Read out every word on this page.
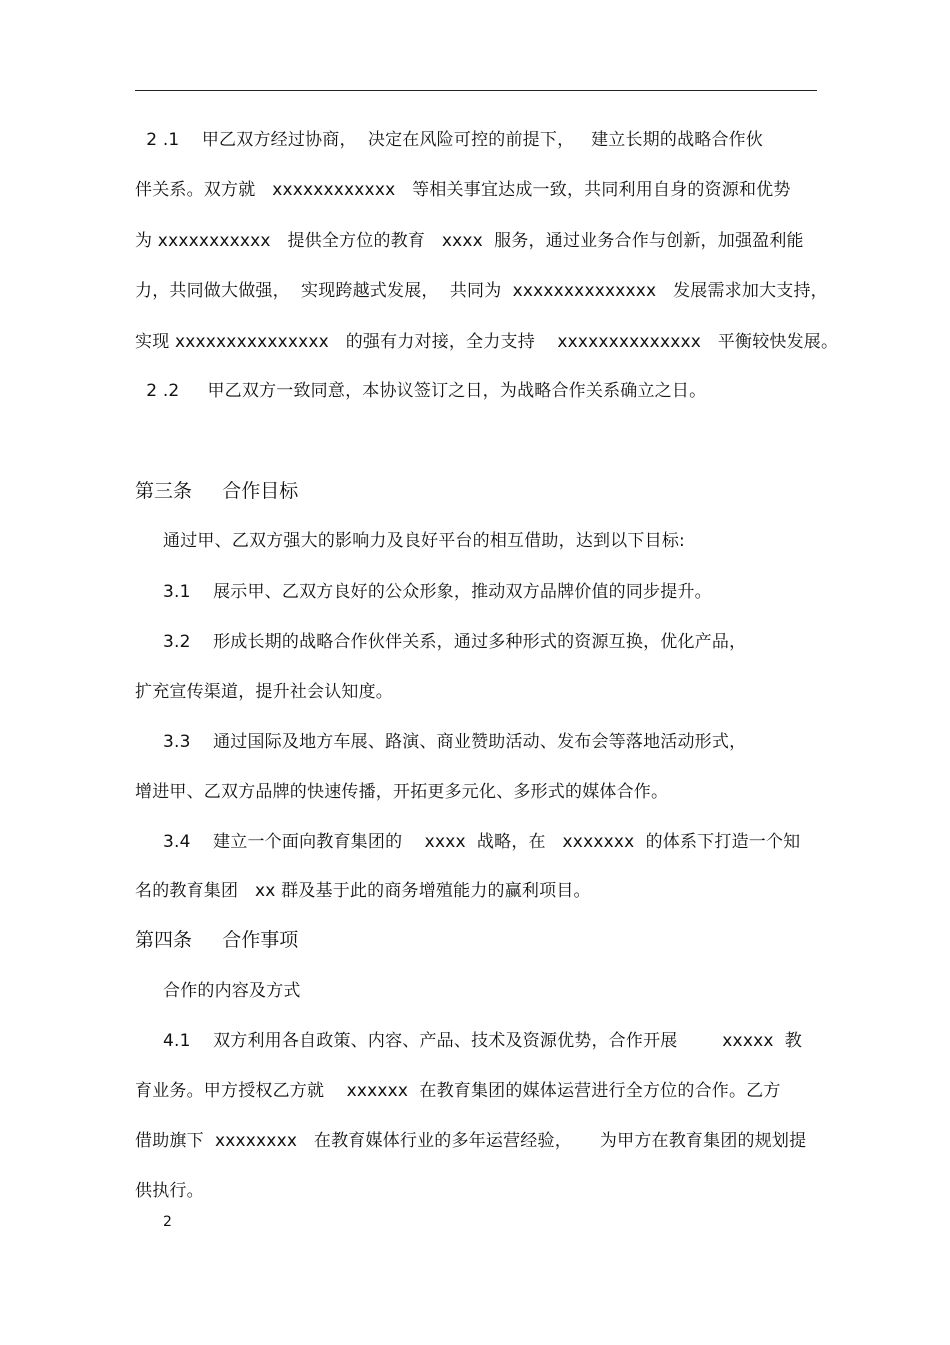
2 .1    甲乙双方经过协商，  决定在风险可控的前提下，   建立长期的战略合作伙
伴关系。双方就   xxxxxxxxxxxx   等相关事宜达成一致，共同利用自身的资源和优势
为 xxxxxxxxxxx   提供全方位的教育   xxxx  服务，通过业务合作与创新，加强盈利能
力，共同做大做强，  实现跨越式发展，  共同为  xxxxxxxxxxxxxx   发展需求加大支持，
实现 xxxxxxxxxxxxxxx   的强有力对接，全力支持    xxxxxxxxxxxxxx   平衡较快发展。
2 .2     甲乙双方一致同意，本协议签订之日，为战略合作关系确立之日。
第三条     合作目标
通过甲、乙双方强大的影响力及良好平台的相互借助，达到以下目标:
3.1    展示甲、乙双方良好的公众形象，推动双方品牌价值的同步提升。
3.2    形成长期的战略合作伙伴关系，通过多种形式的资源互换，优化产品，
扩充宣传渠道，提升社会认知度。
3.3    通过国际及地方车展、路演、商业赞助活动、发布会等落地活动形式，
增进甲、乙双方品牌的快速传播，开拓更多元化、多形式的媒体合作。
3.4    建立一个面向教育集团的    xxxx  战略，在   xxxxxxx  的体系下打造一个知
名的教育集团   xx 群及基于此的商务增殖能力的赢利项目。
第四条     合作事项
合作的内容及方式
4.1    双方利用各自政策、内容、产品、技术及资源优势，合作开展        xxxxx  教
育业务。甲方授权乙方就    xxxxxx  在教育集团的媒体运营进行全方位的合作。乙方
借助旗下  xxxxxxxx   在教育媒体行业的多年运营经验，     为甲方在教育集团的规划提
供执行。
2
